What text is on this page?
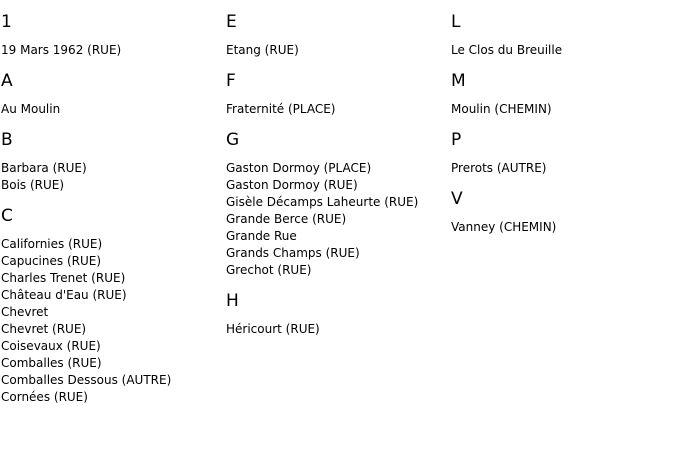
1
19 Mars 1962 (RUE)
A
Au Moulin
B
Barbara (RUE)
Bois (RUE)
C
Californies (RUE)
Capucines (RUE)
Charles Trenet (RUE)
Château d'Eau (RUE)
Chevret
Chevret (RUE)
Coisevaux (RUE)
Comballes (RUE)
Comballes Dessous (AUTRE)
Cornées (RUE)
E
Etang (RUE)
F
Fraternité (PLACE)
G
Gaston Dormoy (PLACE)
Gaston Dormoy (RUE)
Gisèle Décamps Laheurte (RUE)
Grande Berce (RUE)
Grande Rue
Grands Champs (RUE)
Grechot (RUE)
H
Héricourt (RUE)
L
Le Clos du Breuille
M
Moulin (CHEMIN)
P
Prerots (AUTRE)
V
Vanney (CHEMIN)
